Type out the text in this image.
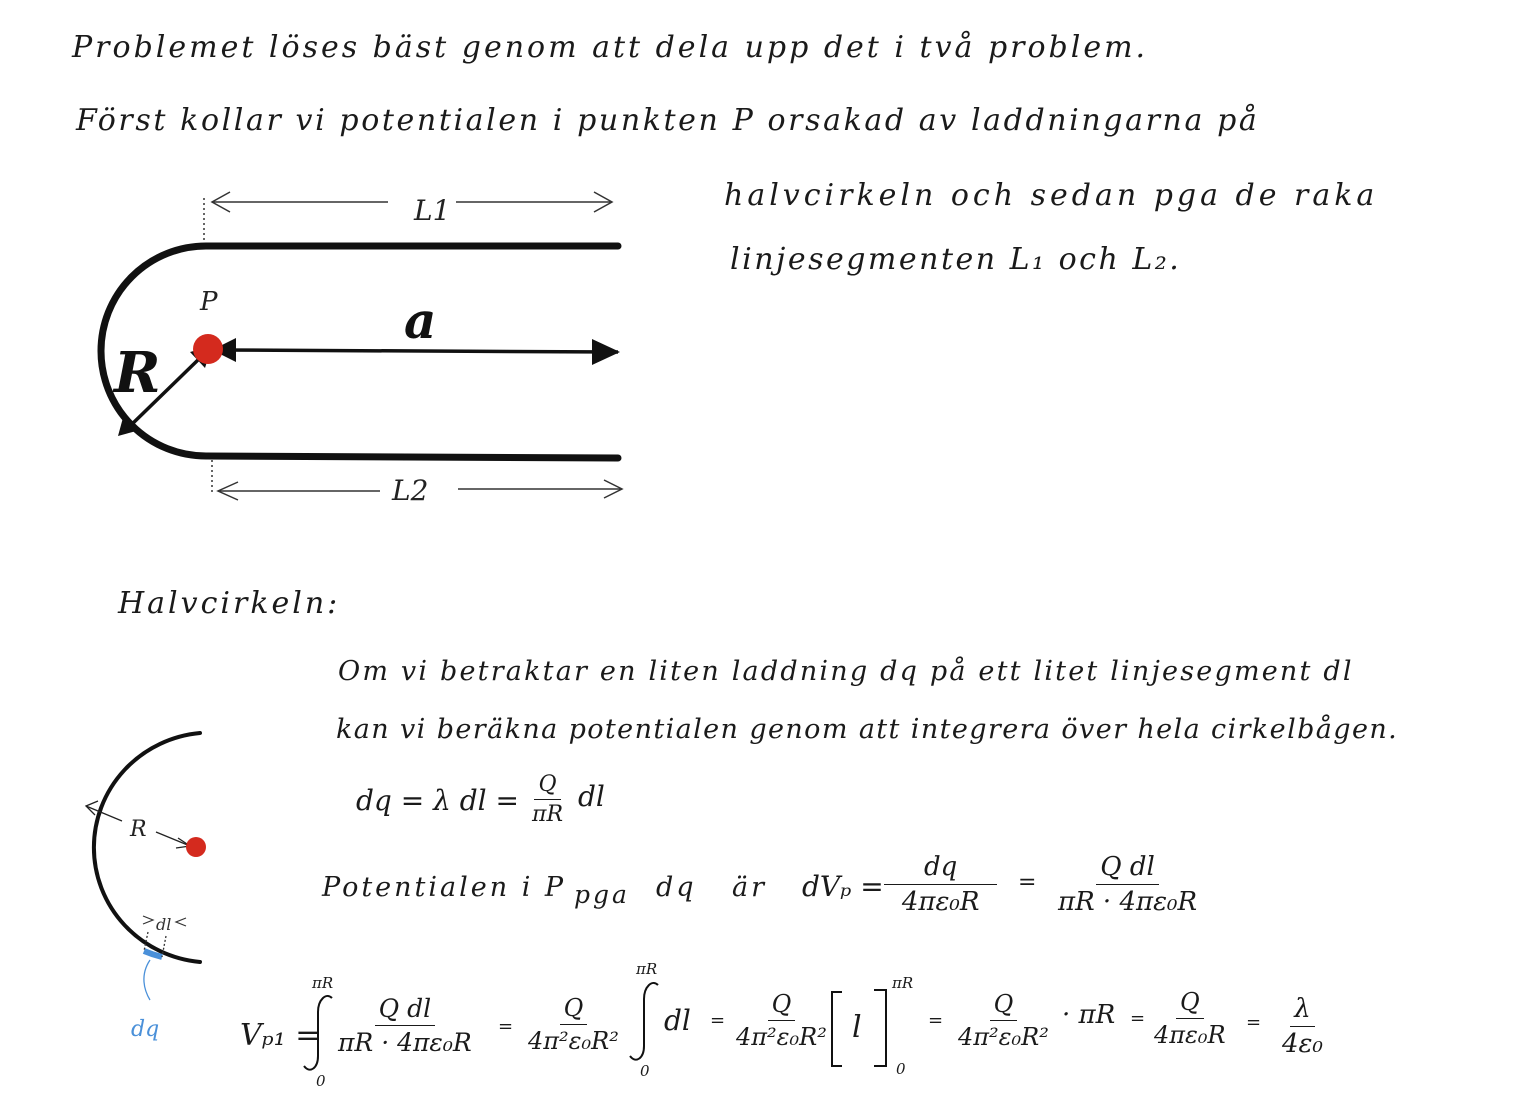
Problemet löses bäst genom att dela upp det i två problem.
Först kollar vi potentialen i punkten P orsakad av laddningarna på
halvcirkeln och sedan pga de raka
linjesegmenten L₁ och L₂.
L1
L2
a
R
P
dl
dq
R
Halvcirkeln:
Om vi betraktar en liten laddning dq på ett litet linjesegment dl
kan vi beräkna potentialen genom att integrera över hela cirkelbågen.
dq = λ dl = $\frac{Q}{\pi R}$ dl
Potentialen i P pga dq är $dV_p = \frac{dq}{\text{4πε₀R}} = \frac{\text{Q dl}}{\text{πR · 4πε₀R}}$
Vₚ₁ =
πR
0
$\frac{\text{Q dl}}{\text{πR · 4πε₀R}} = \frac{Q}{\text{4π²ε₀R²}}$
πR
0
dl = $\frac{Q}{\text{4π²ε₀R²}}$ l
πR
0
= $\frac{Q}{\text{4π²ε₀R²}} \cdot \pi R = \frac{Q}{\text{4πε₀R}} = \frac{\lambda}{\text{4ε₀}}$
